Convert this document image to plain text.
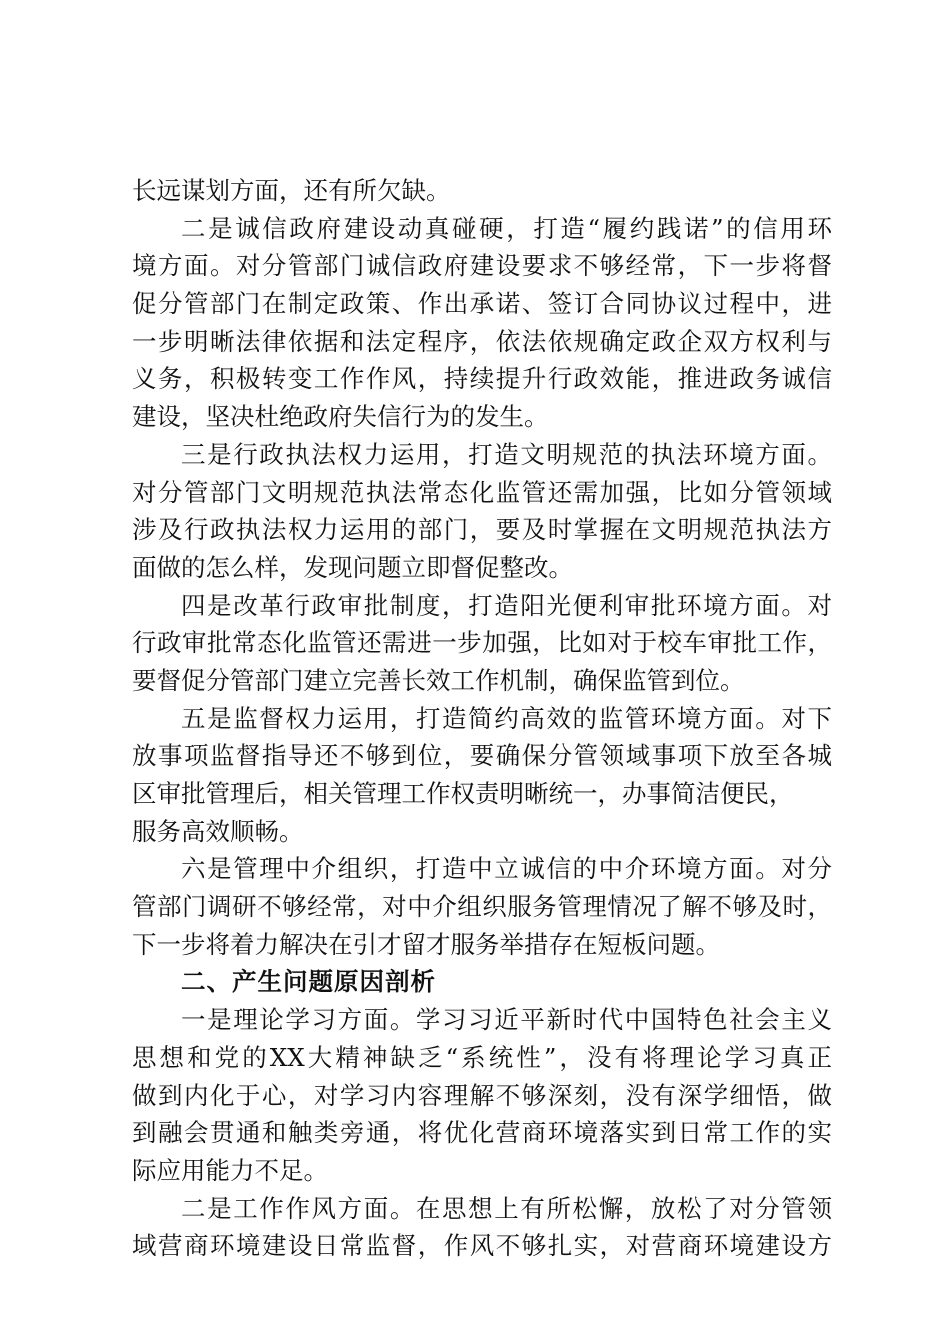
长远谋划方面，还有所欠缺。
二是诚信政府建设动真碰硬，打造“履约践诺”的信用环
境方面。对分管部门诚信政府建设要求不够经常，下一步将督
促分管部门在制定政策、作出承诺、签订合同协议过程中，进
一步明晰法律依据和法定程序，依法依规确定政企双方权利与
义务，积极转变工作作风，持续提升行政效能，推进政务诚信
建设，坚决杜绝政府失信行为的发生。
三是行政执法权力运用，打造文明规范的执法环境方面。
对分管部门文明规范执法常态化监管还需加强，比如分管领域
涉及行政执法权力运用的部门，要及时掌握在文明规范执法方
面做的怎么样，发现问题立即督促整改。
四是改革行政审批制度，打造阳光便利审批环境方面。对
行政审批常态化监管还需进一步加强，比如对于校车审批工作，
要督促分管部门建立完善长效工作机制，确保监管到位。
五是监督权力运用，打造简约高效的监管环境方面。对下
放事项监督指导还不够到位，要确保分管领域事项下放至各城
区审批管理后，相关管理工作权责明晰统一，办事简洁便民，
服务高效顺畅。
六是管理中介组织，打造中立诚信的中介环境方面。对分
管部门调研不够经常，对中介组织服务管理情况了解不够及时，
下一步将着力解决在引才留才服务举措存在短板问题。
二、产生问题原因剖析
一是理论学习方面。学习习近平新时代中国特色社会主义
思想和党的XX大精神缺乏“系统性”，没有将理论学习真正
做到内化于心，对学习内容理解不够深刻，没有深学细悟，做
到融会贯通和触类旁通，将优化营商环境落实到日常工作的实
际应用能力不足。
二是工作作风方面。在思想上有所松懈，放松了对分管领
域营商环境建设日常监督，作风不够扎实，对营商环境建设方
